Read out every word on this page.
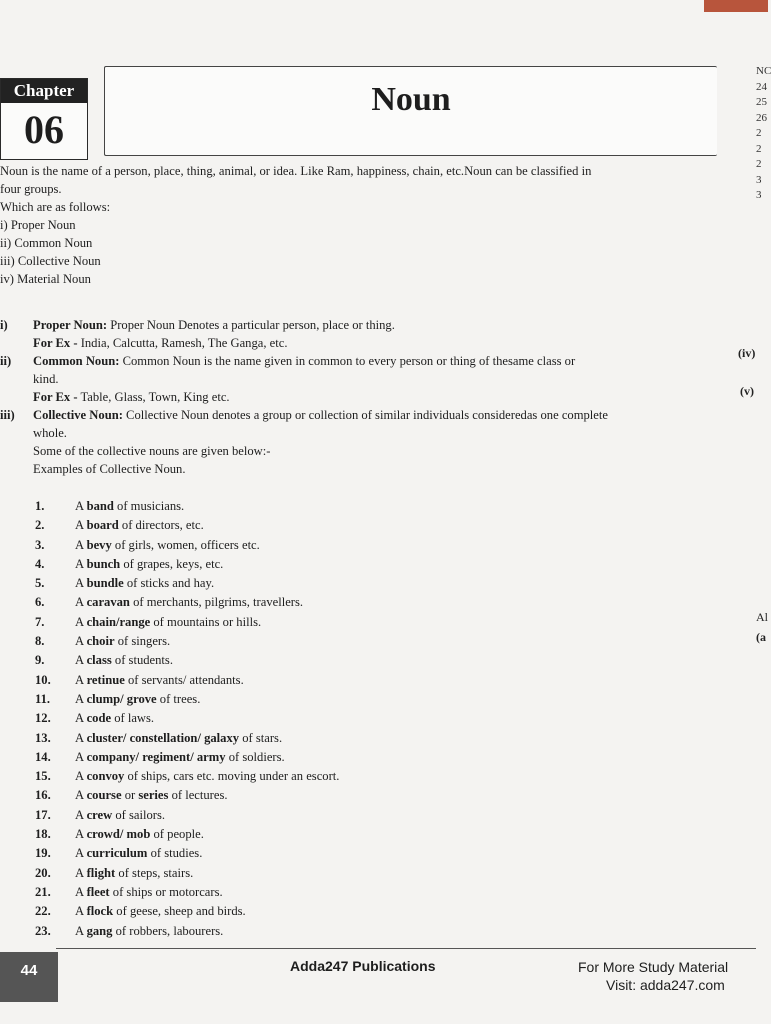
Chapter
06
Noun
NC
24
25
26
2
2
2
3
3
Noun is the name of a person, place, thing, animal, or idea. Like Ram, happiness, chain, etc.Noun can be classified in
four groups.
Which are as follows:
i) Proper Noun
ii) Common Noun
iii) Collective Noun
iv) Material Noun
i) Proper Noun: Proper Noun Denotes a particular person, place or thing.
For Ex - India, Calcutta, Ramesh, The Ganga, etc.
ii) Common Noun: Common Noun is the name given in common to every person or thing of thesame class or
kind.
For Ex - Table, Glass, Town, King etc.
iii) Collective Noun: Collective Noun denotes a group or collection of similar individuals consideredas one complete
whole.
Some of the collective nouns are given below:-
Examples of Collective Noun.
1.	A band of musicians.
2.	A board of directors, etc.
3.	A bevy of girls, women, officers etc.
4.	A bunch of grapes, keys, etc.
5.	A bundle of sticks and hay.
6.	A caravan of merchants, pilgrims, travellers.
7.	A chain/range of mountains or hills.
8.	A choir of singers.
9.	A class of students.
10.	A retinue of servants/ attendants.
11.	A clump/ grove of trees.
12.	A code of laws.
13.	A cluster/ constellation/ galaxy of stars.
14.	A company/ regiment/ army of soldiers.
15.	A convoy of ships, cars etc. moving under an escort.
16.	A course or series of lectures.
17.	A crew of sailors.
18.	A crowd/ mob of people.
19.	A curriculum of studies.
20.	A flight of steps, stairs.
21.	A fleet of ships or motorcars.
22.	A flock of geese, sheep and birds.
23.	A gang of robbers, labourers.
(iv)
(v)
Al
(a
44	Adda247 Publications	For More Study Material
Visit: adda247.com
